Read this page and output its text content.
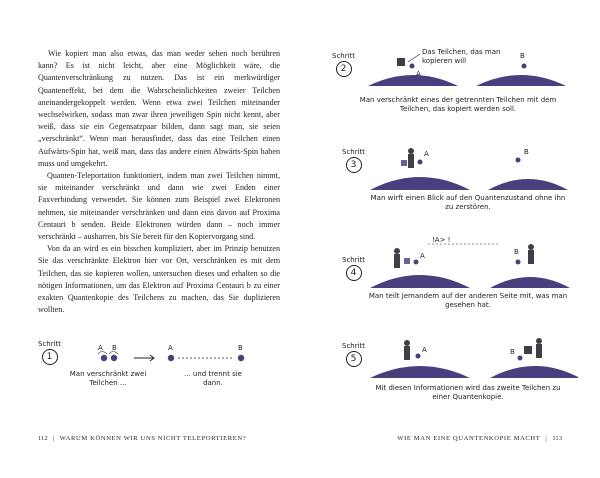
Wie kopiert man also etwas, das man weder sehen noch berühren kann? Es ist nicht leicht, aber eine Möglichkeit wäre, die Quantenverschränkung zu nutzen. Das ist ein merkwürdiger Quanteneffekt, bei dem die Wahrscheinlichkeiten zweier Teilchen aneinandergekoppelt werden. Wenn etwa zwei Teilchen miteinander wechselwirken, sodass man zwar ihren jeweiligen Spin nicht kennt, aber weiß, dass sie ein Gegensatzpaar bilden, dann sagt man, sie seien „verschränkt“. Wenn man herausfindet, dass das eine Teilchen einen Aufwärts-Spin hat, weiß man, dass das andere einen Abwärts-Spin haben muss und umgekehrt.

Quanten-Teleportation funktioniert, indem man zwei Teilchen nimmt, sie miteinander verschränkt und dann wie zwei Enden einer Faxverbindung verwendet. Sie können zum Beispiel zwei Elektronen nehmen, sie miteinander verschränken und dann eins davon auf Proxima Centauri b senden. Beide Elektronen würden dann – noch immer verschränkt – ausharren, bis Sie bereit für den Kopiervorgang sind.

Von da an wird es ein bisschen kompliziert, aber im Prinzip benutzen Sie das verschränkte Elektron hier vor Ort, verschränken es mit dem Teilchen, das sie kopieren wollen, untersuchen dieses und erhalten so die nötigen Informationen, um das Elektron auf Proxima Centauri b zu einer exakten Quantenkopie des Teilchens zu machen, das Sie duplizieren wollten.

Schritt
1
A B	A	B
Man verschränkt zwei Teilchen ...
... und trennt sie dann.
112 | WARUM KÖNNEN WIR UNS NICHT TELEPORTIEREN?
Schritt
2
Das Teilchen, das man kopieren will
A
B
Man verschränkt eines der getrennten Teilchen mit dem Teilchen, das kopiert werden soll.
Schritt
3
A	B
Man wirft einen Blick auf den Quantenzustand ohne ihn zu zerstören.
Schritt
4
!A> !
A	B
Man teilt jemandem auf der anderen Seite mit, was man gesehen hat.
Schritt
5
A	B
Mit diesen Informationen wird das zweite Teilchen zu einer Quantenkopie.
WIE MAN EINE QUANTENKOPIE MACHT | 113
